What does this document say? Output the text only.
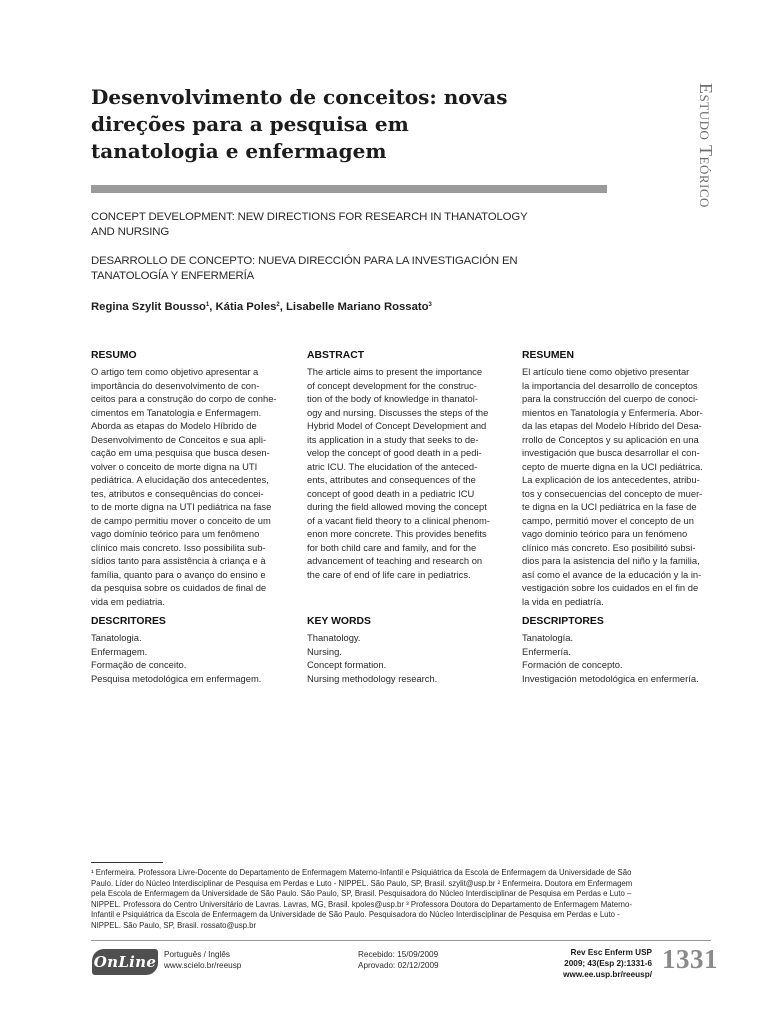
Desenvolvimento de conceitos: novas
direções para a pesquisa em
tanatologia e enfermagem	Estudo Teórico
CONCEPT DEVELOPMENT: NEW DIRECTIONS FOR RESEARCH IN THANATOLOGY
AND NURSING
DESARROLLO DE CONCEPTO: NUEVA DIRECCIÓN PARA LA INVESTIGACIÓN EN
TANATOLOGÍA Y ENFERMERÍA
Regina Szylit Bousso$^1$, Kátia Poles$^2$, Lisabelle Mariano Rossato$^3$
RESUMO
O artigo tem como objetivo apresentar a
importância do desenvolvimento de con-
ceitos para a construção do corpo de conhe-
cimentos em Tanatologia e Enfermagem.
Aborda as etapas do Modelo Híbrido de
Desenvolvimento de Conceitos e sua apli-
cação em uma pesquisa que busca desen-
volver o conceito de morte digna na UTI
pediátrica. A elucidação dos antecedentes,
tes, atributos e consequências do concei-
to de morte digna na UTI pediátrica na fase
de campo permitiu mover o conceito de um
vago domínio teórico para um fenômeno
clínico mais concreto. Isso possibilita sub-
sídios tanto para assistência à criança e à
família, quanto para o avanço do ensino e
da pesquisa sobre os cuidados de final de
vida em pediatria.
ABSTRACT
The article aims to present the importance
of concept development for the construc-
tion of the body of knowledge in thanatol-
ogy and nursing. Discusses the steps of the
Hybrid Model of Concept Development and
its application in a study that seeks to de-
velop the concept of good death in a pedi-
atric ICU. The elucidation of the anteced-
ents, attributes and consequences of the
concept of good death in a pediatric ICU
during the field allowed moving the concept
of a vacant field theory to a clinical phenom-
enon more concrete. This provides benefits
for both child care and family, and for the
advancement of teaching and research on
the care of end of life care in pediatrics.
RESUMEN
El artículo tiene como objetivo presentar
la importancia del desarrollo de conceptos
para la construcción del cuerpo de conoci-
mientos en Tanatología y Enfermería. Abor-
da las etapas del Modelo Híbrido del Desa-
rrollo de Conceptos y su aplicación en una
investigación que busca desarrollar el con-
cepto de muerte digna en la UCI pediátrica.
La explicación de los antecedentes, atribu-
tos y consecuencias del concepto de muer-
te digna en la UCI pediátrica en la fase de
campo, permitió mover el concepto de un
vago dominio teórico para un fenómeno
clínico más concreto. Eso posibilitó subsi-
dios para la asistencia del niño y la familia,
así como el avance de la educación y la in-
vestigación sobre los cuidados en el fin de
la vida en pediatría.
DESCRITORES
Tanatologia.
Enfermagem.
Formação de conceito.
Pesquisa metodológica em enfermagem.
KEY WORDS
Thanatology.
Nursing.
Concept formation.
Nursing methodology research.
DESCRIPTORES
Tanatología.
Enfermería.
Formación de concepto.
Investigación metodológica en enfermería.
¹ Enfermeira. Professora Livre-Docente do Departamento de Enfermagem Materno-Infantil e Psiquiátrica da Escola de Enfermagem da Universidade de São
Paulo. Líder do Núcleo Interdisciplinar de Pesquisa em Perdas e Luto - NIPPEL. São Paulo, SP, Brasil. szylit@usp.br ² Enfermeira. Doutora em Enfermagem
pela Escola de Enfermagem da Universidade de São Paulo. São Paulo, SP, Brasil. Pesquisadora do Núcleo Interdisciplinar de Pesquisa em Perdas e Luto –
NIPPEL. Professora do Centro Universitário de Lavras. Lavras, MG, Brasil. kpoles@usp.br ³ Professora Doutora do Departamento de Enfermagem Materno-
Infantil e Psiquiátrica da Escola de Enfermagem da Universidade de São Paulo. Pesquisadora do Núcleo Interdisciplinar de Pesquisa em Perdas e Luto -
NIPPEL. São Paulo, SP, Brasil. rossato@usp.br
OnLine Português / Inglês
www.scielo.br/reeusp
Recebido: 15/09/2009
Aprovado: 02/12/2009
Rev Esc Enferm USP
2009; 43(Esp 2):1331-6
www.ee.usp.br/reeusp/
1331
